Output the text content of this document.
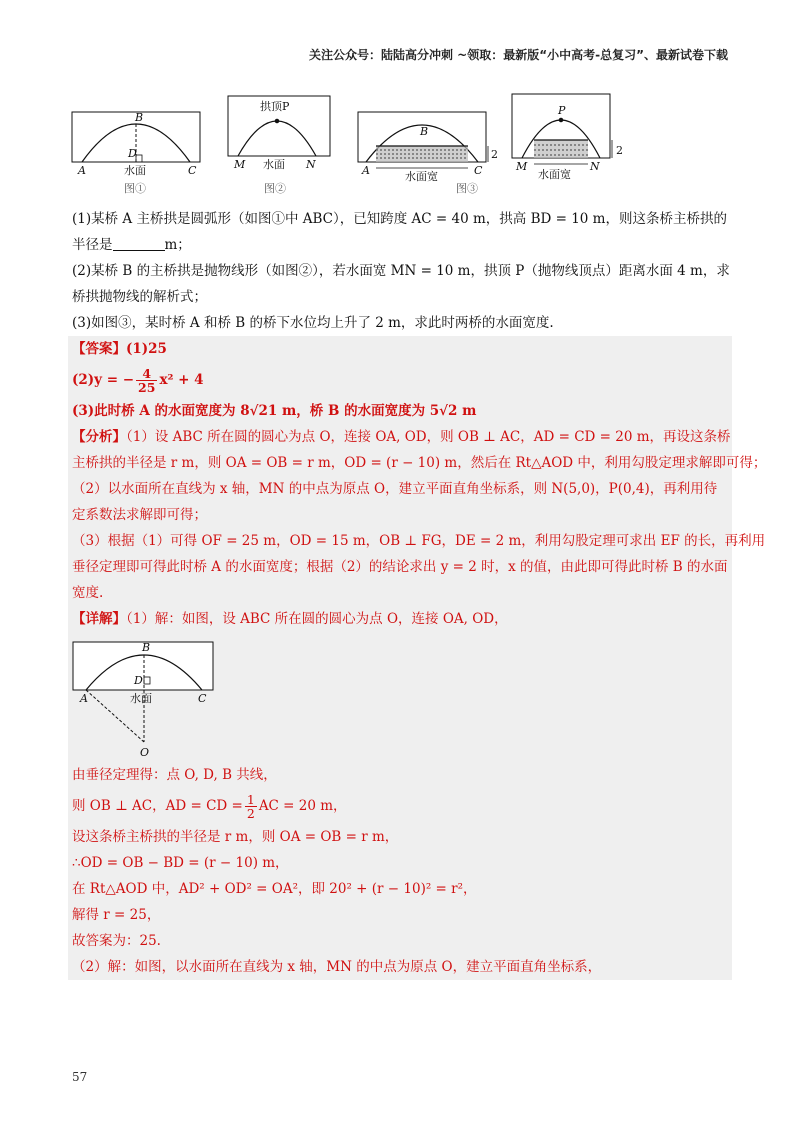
关注公众号：陆陆高分冲刺 ~领取：最新版“小中高考-总复习”、最新试卷下载
B
D
A	C
水面
图①
拱顶P
M	N
水面
图②
2
B
A	C
水面宽
图③
P
2
M	N
水面宽
(1)某桥 A 主桥拱是圆弧形（如图①中 ABC），已知跨度 AC = 40 m，拱高 BD = 10 m，则这条桥主桥拱的
半径是	m；
(2)某桥 B 的主桥拱是抛物线形（如图②），若水面宽 MN = 10 m，拱顶 P（抛物线顶点）距离水面 4 m，求
桥拱抛物线的解析式；
(3)如图③，某时桥 A 和桥 B 的桥下水位均上升了 2 m，求此时两桥的水面宽度.
【答案】(1)25
(2)y = − $\frac{4}{25} x^2 + 4$
(3)此时桥 A 的水面宽度为 8√21 m，桥 B 的水面宽度为 5√2 m
【分析】（1）设 ABC 所在圆的圆心为点 O，连接 OA, OD，则 OB ⊥ AC，AD = CD = 20 m，再设这条桥
主桥拱的半径是 r m，则 OA = OB = r m，OD = (r − 10) m，然后在 Rt△AOD 中，利用勾股定理求解即可得；
（2）以水面所在直线为 x 轴，MN 的中点为原点 O，建立平面直角坐标系，则 N(5,0)，P(0,4)，再利用待
定系数法求解即可得；
（3）根据（1）可得 OF = 25 m，OD = 15 m，OB ⊥ FG，DE = 2 m，利用勾股定理可求出 EF 的长，再利用
垂径定理即可得此时桥 A 的水面宽度；根据（2）的结论求出 y = 2 时，x 的值，由此即可得此时桥 B 的水面
宽度.
【详解】（1）解：如图，设 ABC 所在圆的圆心为点 O，连接 OA, OD，
B
D
A	C
水面
O
由垂径定理得：点 O, D, B 共线，
则 OB ⊥ AC，AD = CD = $\frac{1}{2}$ AC = 20 m，
设这条桥主桥拱的半径是 r m，则 OA = OB = r m，
∴OD = OB − BD = (r − 10) m，
在 Rt△AOD 中，AD² + OD² = OA²，即 20² + (r − 10)² = r²，
解得 r = 25，
故答案为：25.
（2）解：如图，以水面所在直线为 x 轴，MN 的中点为原点 O，建立平面直角坐标系，
57
